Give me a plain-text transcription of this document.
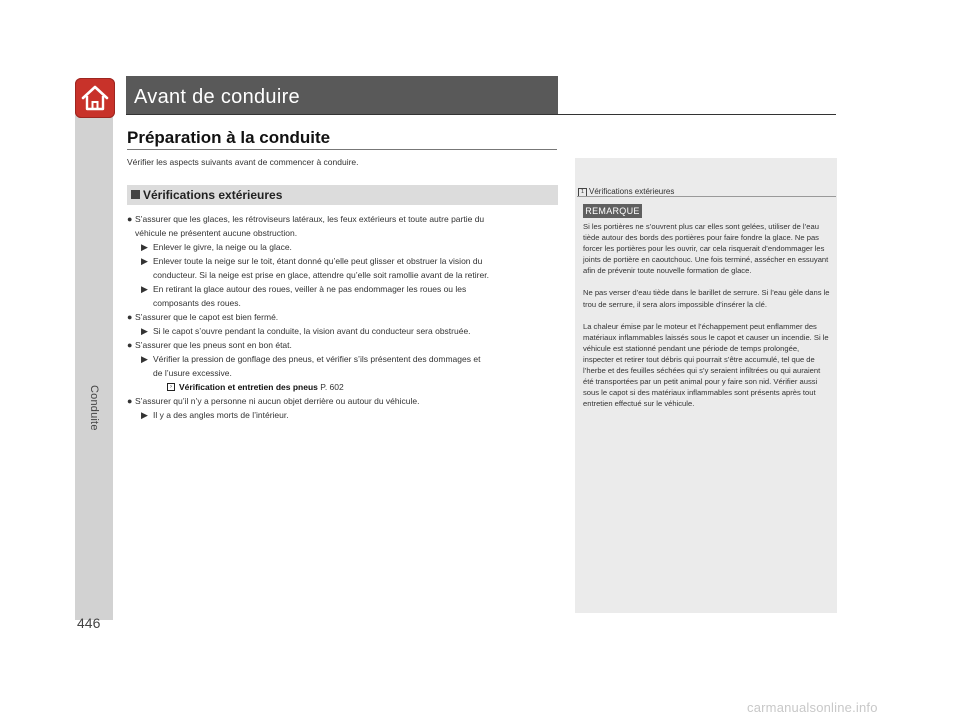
Conduite
446
Avant de conduire
Préparation à la conduite
Vérifier les aspects suivants avant de commencer à conduire.
Vérifications extérieures
● S’assurer que les glaces, les rétroviseurs latéraux, les feux extérieurs et toute autre partie du
véhicule ne présentent aucune obstruction.
▶ Enlever le givre, la neige ou la glace.
▶ Enlever toute la neige sur le toit, étant donné qu’elle peut glisser et obstruer la vision du
conducteur. Si la neige est prise en glace, attendre qu’elle soit ramollie avant de la retirer.
▶ En retirant la glace autour des roues, veiller à ne pas endommager les roues ou les
composants des roues.
● S’assurer que le capot est bien fermé.
▶ Si le capot s’ouvre pendant la conduite, la vision avant du conducteur sera obstruée.
● S’assurer que les pneus sont en bon état.
▶ Vérifier la pression de gonflage des pneus, et vérifier s’ils présentent des dommages et
de l’usure excessive.
› Vérification et entretien des pneus P. 602
● S’assurer qu’il n’y a personne ni aucun objet derrière ou autour du véhicule.
▶ Il y a des angles morts de l’intérieur.
1 Vérifications extérieures
REMARQUE

Si les portières ne s’ouvrent plus car elles sont gelées, utiliser de l’eau tiède autour des bords des portières pour faire fondre la glace. Ne pas forcer les portières pour les ouvrir, car cela risquerait d’endommager les joints de portière en caoutchouc. Une fois terminé, assécher en essuyant afin de prévenir toute nouvelle formation de glace.

Ne pas verser d’eau tiède dans le barillet de serrure. Si l’eau gèle dans le trou de serrure, il sera alors impossible d’insérer la clé.

La chaleur émise par le moteur et l’échappement peut enflammer des matériaux inflammables laissés sous le capot et causer un incendie. Si le véhicule est stationné pendant une période de temps prolongée, inspecter et retirer tout débris qui pourrait s’être accumulé, tel que de l’herbe et des feuilles séchées qui s’y seraient infiltrées ou qui auraient été transportées par un petit animal pour y faire son nid. Vérifier aussi sous le capot si des matériaux inflammables sont présents après tout entretien effectué sur le véhicule.

carmanualsonline.info
